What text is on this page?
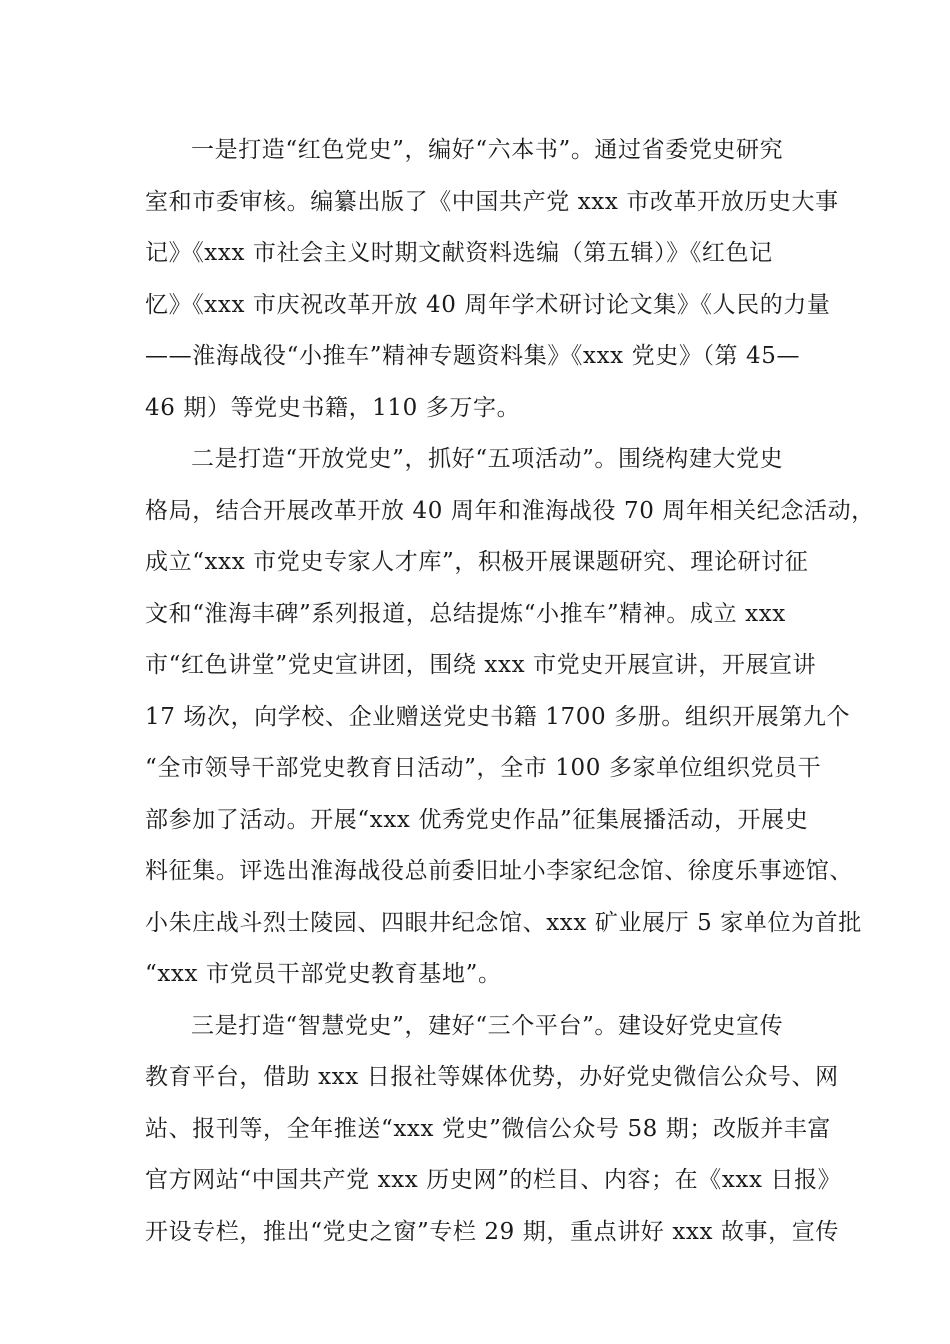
一是打造“红色党史”，编好“六本书”。通过省委党史研究
室和市委审核。编纂出版了《中国共产党 xxx 市改革开放历史大事
记》《xxx 市社会主义时期文献资料选编（第五辑）》《红色记
忆》《xxx 市庆祝改革开放 40 周年学术研讨论文集》《人民的力量
——淮海战役“小推车”精神专题资料集》《xxx 党史》（第 45—
46 期）等党史书籍，110 多万字。
二是打造“开放党史”，抓好“五项活动”。围绕构建大党史
格局，结合开展改革开放 40 周年和淮海战役 70 周年相关纪念活动，
成立“xxx 市党史专家人才库”，积极开展课题研究、理论研讨征
文和“淮海丰碑”系列报道，总结提炼“小推车”精神。成立 xxx
市“红色讲堂”党史宣讲团，围绕 xxx 市党史开展宣讲，开展宣讲
17 场次，向学校、企业赠送党史书籍 1700 多册。组织开展第九个
“全市领导干部党史教育日活动”，全市 100 多家单位组织党员干
部参加了活动。开展“xxx 优秀党史作品”征集展播活动，开展史
料征集。评选出淮海战役总前委旧址小李家纪念馆、徐度乐事迹馆、
小朱庄战斗烈士陵园、四眼井纪念馆、xxx 矿业展厅 5 家单位为首批
“xxx 市党员干部党史教育基地”。
三是打造“智慧党史”，建好“三个平台”。建设好党史宣传
教育平台，借助 xxx 日报社等媒体优势，办好党史微信公众号、网
站、报刊等，全年推送“xxx 党史”微信公众号 58 期；改版并丰富
官方网站“中国共产党 xxx 历史网”的栏目、内容；在《xxx 日报》
开设专栏，推出“党史之窗”专栏 29 期，重点讲好 xxx 故事，宣传
